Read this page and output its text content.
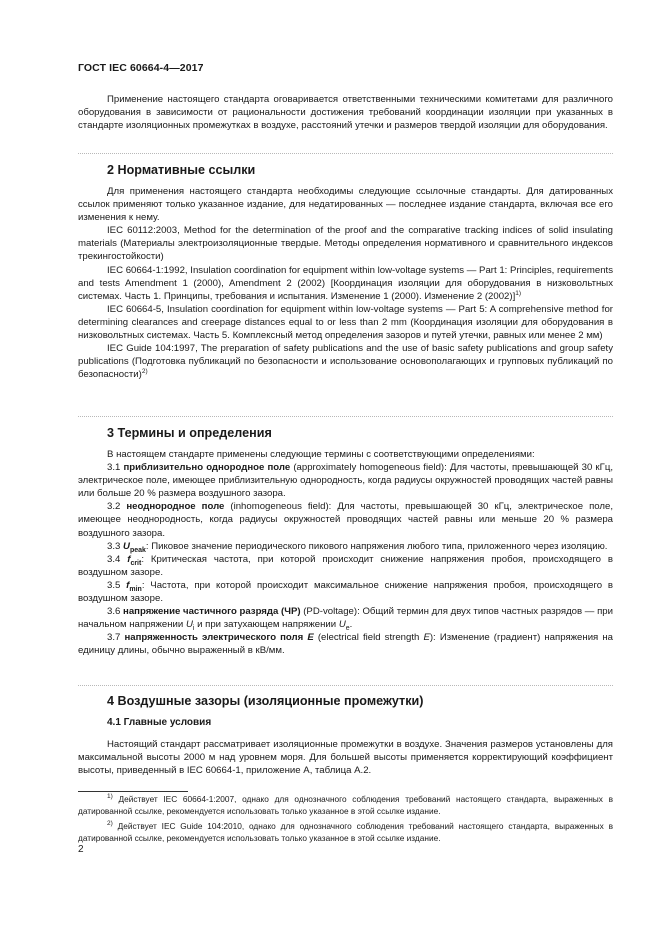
ГОСТ IEC 60664-4—2017

Применение настоящего стандарта оговаривается ответственными техническими комитетами для различного оборудования в зависимости от рациональности достижения требований координации изоляции при указанных в стандарте изоляционных промежутках в воздухе, расстояний утечки и размеров твердой изоляции для оборудования.

2 Нормативные ссылки

Для применения настоящего стандарта необходимы следующие ссылочные стандарты. Для датированных ссылок применяют только указанное издание, для недатированных — последнее издание стандарта, включая все его изменения к нему.

IEC 60112:2003, Method for the determination of the proof and the comparative tracking indices of solid insulating materials (Материалы электроизоляционные твердые. Методы определения нормативного и сравнительного индексов трекингостойкости)

IEC 60664-1:1992, Insulation coordination for equipment within low-voltage systems — Part 1: Principles, requirements and tests Amendment 1 (2000), Amendment 2 (2002) [Координация изоляции для оборудования в низковольтных системах. Часть 1. Принципы, требования и испытания. Изменение 1 (2000). Изменение 2 (2002)]$^{1)}$

IEC 60664-5, Insulation coordination for equipment within low-voltage systems — Part 5: A comprehensive method for determining clearances and creepage distances equal to or less than 2 mm (Координация изоляции для оборудования в низковольтных системах. Часть 5. Комплексный метод определения зазоров и путей утечки, равных или менее 2 мм)

IEC Guide 104:1997, The preparation of safety publications and the use of basic safety publications and group safety publications (Подготовка публикаций по безопасности и использование основополагающих и групповых публикаций по безопасности)$^{2)}$

3 Термины и определения

В настоящем стандарте применены следующие термины с соответствующими определениями:

3.1 приблизительно однородное поле (approximately homogeneous field): Для частоты, превышающей 30 кГц, электрическое поле, имеющее приблизительную однородность, когда радиусы окружностей проводящих частей равны или больше 20 % размера воздушного зазора.

3.2 неоднородное поле (inhomogeneous field): Для частоты, превышающей 30 кГц, электрическое поле, имеющее неоднородность, когда радиусы окружностей проводящих частей равны или меньше 20 % размера воздушного зазора.

3.3 $U_{peak}$: Пиковое значение периодического пикового напряжения любого типа, приложенного через изоляцию.

3.4 $f_{crit}$: Критическая частота, при которой происходит снижение напряжения пробоя, происходящего в воздушном зазоре.

3.5 $f_{min}$: Частота, при которой происходит максимальное снижение напряжения пробоя, происходящего в воздушном зазоре.

3.6 напряжение частичного разряда (ЧР) (PD-voltage): Общий термин для двух типов частных разрядов — при начальном напряжении $U_i$ и при затухающем напряжении $U_e$.

3.7 напряженность электрического поля E (electrical field strength E): Изменение (градиент) напряжения на единицу длины, обычно выраженный в кВ/мм.

4 Воздушные зазоры (изоляционные промежутки)
4.1 Главные условия

Настоящий стандарт рассматривает изоляционные промежутки в воздухе. Значения размеров установлены для максимальной высоты 2000 м над уровнем моря. Для большей высоты применяется корректирующий коэффициент высоты, приведенный в IEC 60664-1, приложение A, таблица A.2.

$^{1)}$ Действует IEC 60664-1:2007, однако для однозначного соблюдения требований настоящего стандарта, выраженных в датированной ссылке, рекомендуется использовать только указанное в этой ссылке издание.

$^{2)}$ Действует IEC Guide 104:2010, однако для однозначного соблюдения требований настоящего стандарта, выраженных в датированной ссылке, рекомендуется использовать только указанное в этой ссылке издание.

2
